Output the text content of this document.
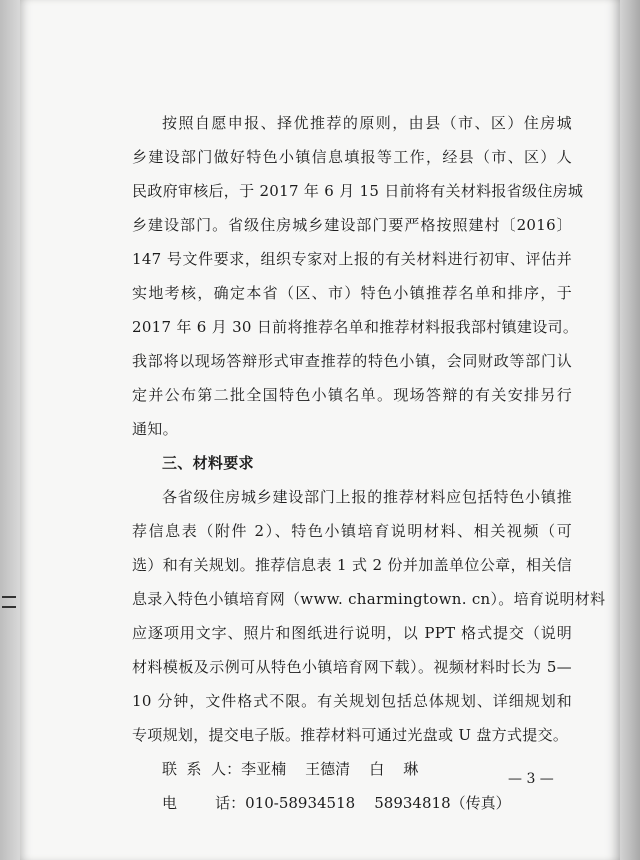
按照自愿申报、择优推荐的原则，由县（市、区）住房城
乡建设部门做好特色小镇信息填报等工作，经县（市、区）人
民政府审核后，于 2017 年 6 月 15 日前将有关材料报省级住房城
乡建设部门。省级住房城乡建设部门要严格按照建村〔2016〕
147 号文件要求，组织专家对上报的有关材料进行初审、评估并
实地考核，确定本省（区、市）特色小镇推荐名单和排序，于
2017 年 6 月 30 日前将推荐名单和推荐材料报我部村镇建设司。
我部将以现场答辩形式审查推荐的特色小镇，会同财政等部门认
定并公布第二批全国特色小镇名单。现场答辩的有关安排另行
通知。
三、材料要求
各省级住房城乡建设部门上报的推荐材料应包括特色小镇推
荐信息表（附件 2）、特色小镇培育说明材料、相关视频（可
选）和有关规划。推荐信息表 1 式 2 份并加盖单位公章，相关信
息录入特色小镇培育网（www. charmingtown. cn）。培育说明材料
应逐项用文字、照片和图纸进行说明，以 PPT 格式提交（说明
材料模板及示例可从特色小镇培育网下载）。视频材料时长为 5—
10 分钟，文件格式不限。有关规划包括总体规划、详细规划和
专项规划，提交电子版。推荐材料可通过光盘或 U 盘方式提交。
联  系  人：李亚楠    王德清    白    琳
电        话：010-58934518    58934818（传真）
— 3 —
